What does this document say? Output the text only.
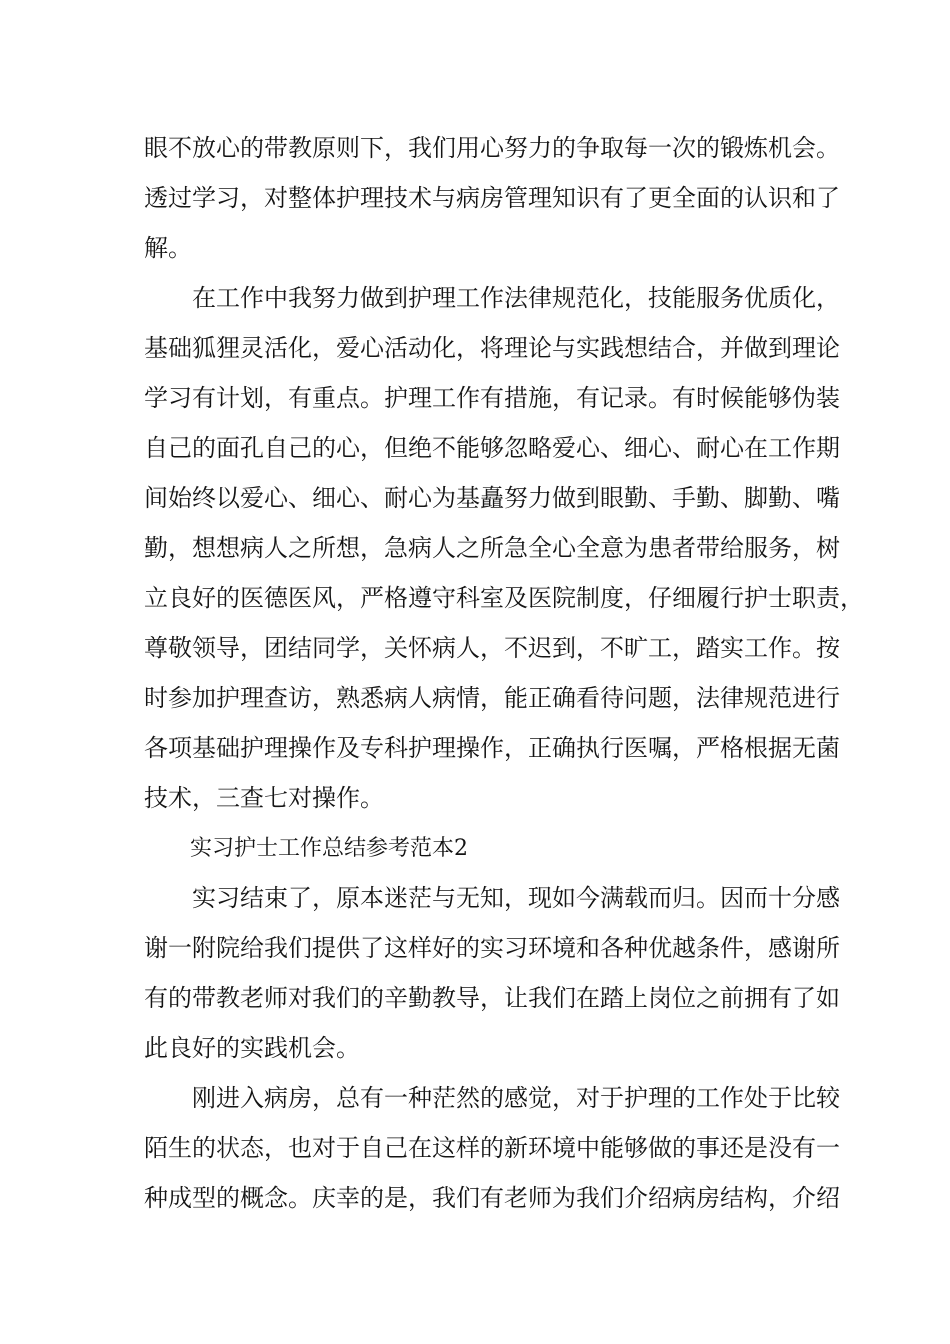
眼不放心的带教原则下，我们用心努力的争取每一次的锻炼机会。
透过学习，对整体护理技术与病房管理知识有了更全面的认识和了
解。
在工作中我努力做到护理工作法律规范化，技能服务优质化，
基础狐狸灵活化，爱心活动化，将理论与实践想结合，并做到理论
学习有计划，有重点。护理工作有措施，有记录。有时候能够伪装
自己的面孔自己的心，但绝不能够忽略爱心、细心、耐心在工作期
间始终以爱心、细心、耐心为基矗努力做到眼勤、手勤、脚勤、嘴
勤，想想病人之所想，急病人之所急全心全意为患者带给服务，树
立良好的医德医风，严格遵守科室及医院制度，仔细履行护士职责，
尊敬领导，团结同学，关怀病人，不迟到，不旷工，踏实工作。按
时参加护理查访，熟悉病人病情，能正确看待问题，法律规范进行
各项基础护理操作及专科护理操作，正确执行医嘱，严格根据无菌
技术，三查七对操作。
实习护士工作总结参考范本2
实习结束了，原本迷茫与无知，现如今满载而归。因而十分感
谢一附院给我们提供了这样好的实习环境和各种优越条件，感谢所
有的带教老师对我们的辛勤教导，让我们在踏上岗位之前拥有了如
此良好的实践机会。
刚进入病房，总有一种茫然的感觉，对于护理的工作处于比较
陌生的状态，也对于自己在这样的新环境中能够做的事还是没有一
种成型的概念。庆幸的是，我们有老师为我们介绍病房结构，介绍
